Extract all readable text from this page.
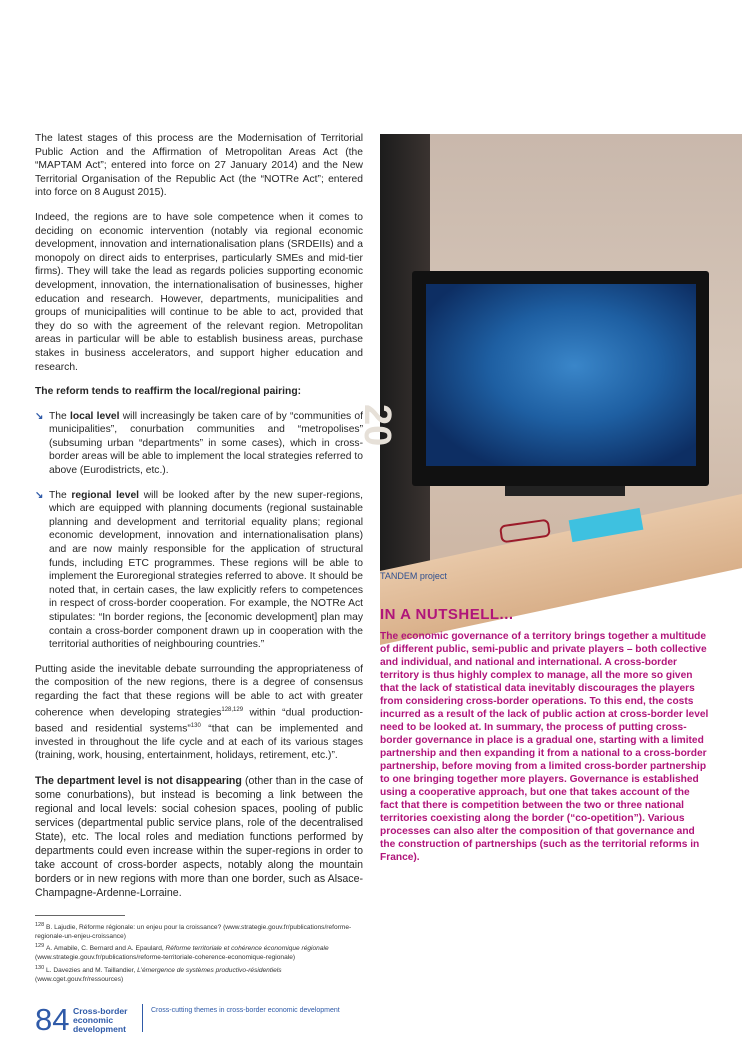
The latest stages of this process are the Modernisation of Territorial Public Action and the Affirmation of Metropolitan Areas Act (the “MAPTAM Act”; entered into force on 27 January 2014) and the New Territorial Organisation of the Republic Act (the “NOTRe Act”; entered into force on 8 August 2015).

Indeed, the regions are to have sole competence when it comes to deciding on economic intervention (notably via regional economic development, innovation and internationalisation plans (SRDEIIs) and a monopoly on direct aids to enterprises, particularly SMEs and mid-tier firms). They will take the lead as regards policies supporting economic development, innovation, the internationalisation of businesses, higher education and research. However, departments, municipalities and groups of municipalities will continue to be able to act, provided that they do so with the agreement of the relevant region. Metropolitan areas in particular will be able to establish business areas, purchase stakes in business accelerators, and support higher education and research.

The reform tends to reaffirm the local/regional pairing:

↘ The local level will increasingly be taken care of by “communities of municipalities”, conurbation communities and “metropolises” (subsuming urban “departments” in some cases), which in cross-border areas will be able to implement the local strategies referred to above (Eurodistricts, etc.).
↘ The regional level will be looked after by the new super-regions, which are equipped with planning documents (regional sustainable planning and development and territorial equality plans; regional economic development, innovation and internationalisation plans) and are now mainly responsible for the application of structural funds, including ETC programmes. These regions will be able to implement the Euroregional strategies referred to above. It should be noted that, in certain cases, the law explicitly refers to competences in respect of cross-border cooperation. For example, the NOTRe Act stipulates: “In border regions, the [economic development] plan may contain a cross-border component drawn up in cooperation with the territorial authorities of neighbouring countries.”

Putting aside the inevitable debate surrounding the appropriateness of the composition of the new regions, there is a degree of consensus regarding the fact that these regions will be able to act with greater coherence when developing strategies$^{128,129}$ within “dual production-based and residential systems”$^{130}$ “that can be implemented and invested in throughout the life cycle and at each of its various stages (training, work, housing, entertainment, holidays, retirement, etc.)”.

The department level is not disappearing (other than in the case of some conurbations), but instead is becoming a link between the regional and local levels: social cohesion spaces, pooling of public services (departmental public service plans, role of the decentralised State), etc. The local roles and mediation functions performed by departments could even increase within the super-regions in order to take account of cross-border aspects, notably along the mountain borders or in new regions with more than one border, such as Alsace-Champagne-Ardenne-Lorraine.

20
TANDEM project
IN A NUTSHELL...
The economic governance of a territory brings together a multitude of different public, semi-public and private players – both collective and individual, and national and international. A cross-border territory is thus highly complex to manage, all the more so given that the lack of statistical data inevitably discourages the players from considering cross-border operations. To this end, the costs incurred as a result of the lack of public action at cross-border level need to be looked at. In summary, the process of putting cross-border governance in place is a gradual one, starting with a limited partnership and then expanding it from a national to a cross-border partnership, before moving from a limited cross-border partnership to one bringing together more players. Governance is established using a cooperative approach, but one that takes account of the fact that there is competition between the two or three national territories coexisting along the border (“co-opetition”). Various processes can also alter the composition of that governance and the construction of partnerships (such as the territorial reforms in France).
$^{128}$ B. Lajudie, Réforme régionale: un enjeu pour la croissance? (www.strategie.gouv.fr/publications/reforme-regionale-un-enjeu-croissance)
$^{129}$ A. Amabile, C. Bernard and A. Epaulard, Réforme territoriale et cohérence économique régionale (www.strategie.gouv.fr/publications/reforme-territoriale-coherence-economique-regionale)
$^{130}$ L. Davezies and M. Taillandier, L’émergence de systèmes productivo-résidentiels (www.cget.gouv.fr/ressources)
84 Cross-border
economic
development
Cross-cutting themes in cross-border economic development
